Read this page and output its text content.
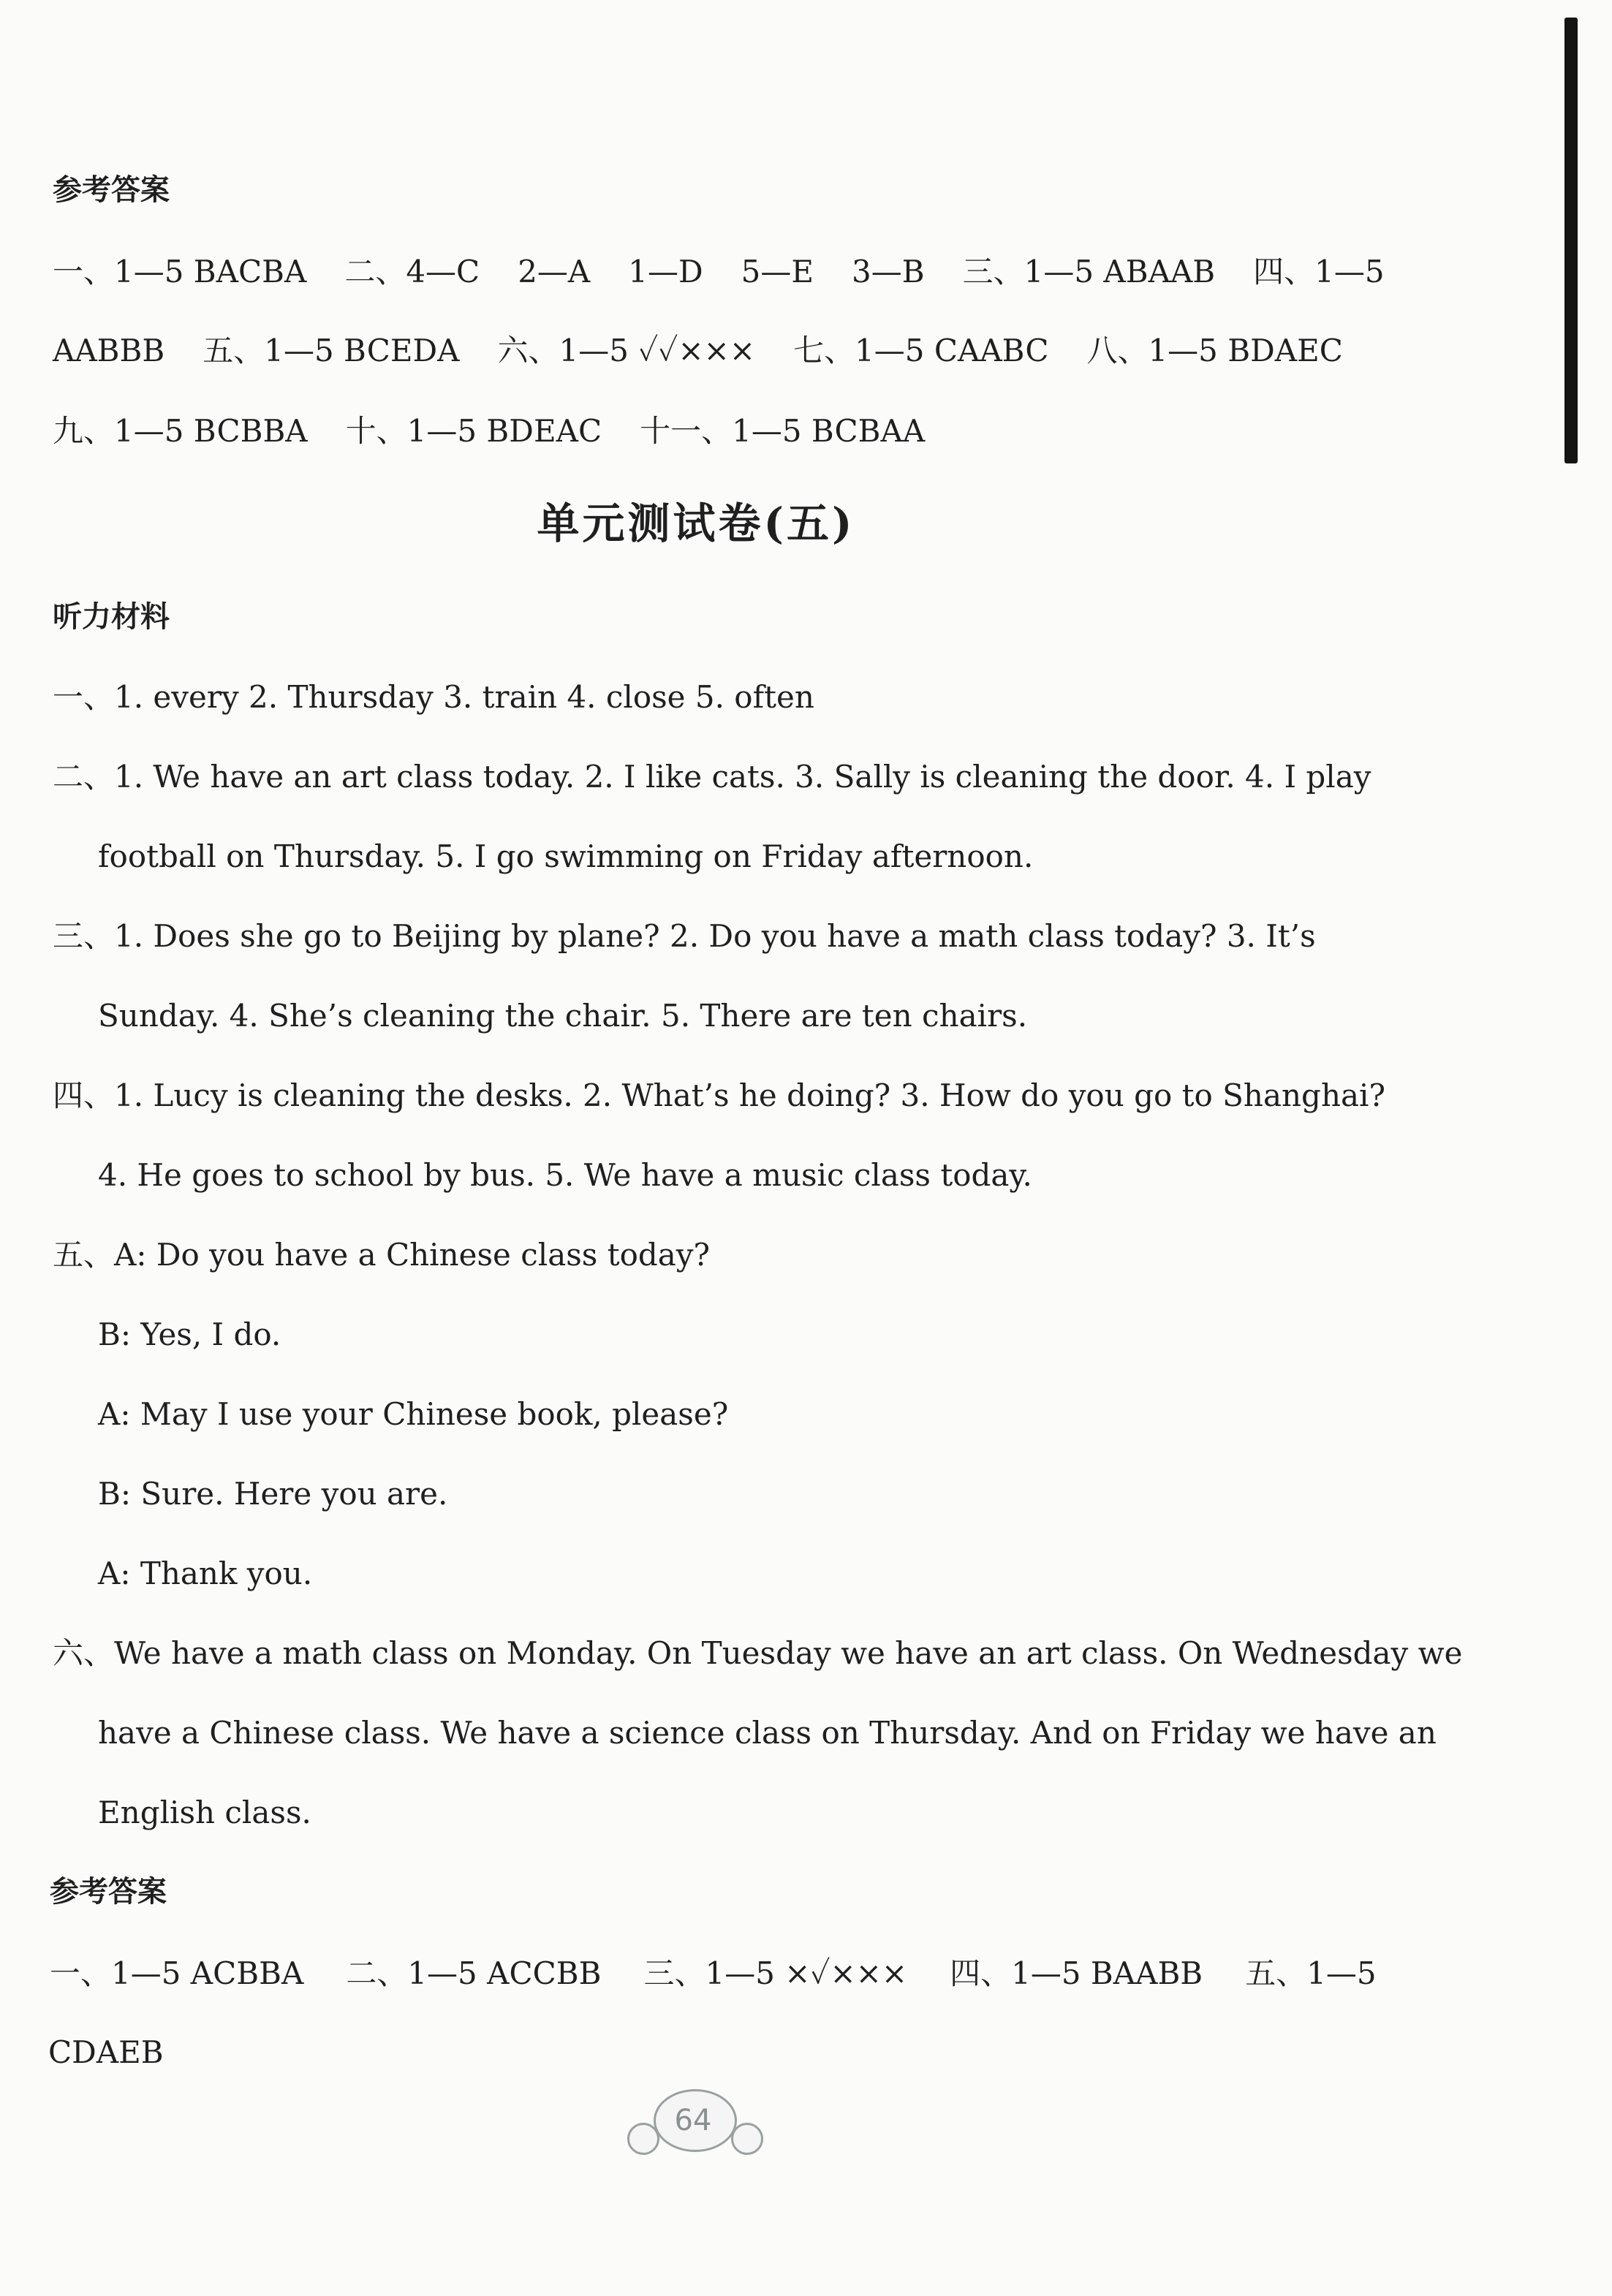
参考答案
一、1—5 BACBA 二、4—C 2—A 1—D 5—E 3—B 三、1—5 ABAAB 四、1—5
AABBB 五、1—5 BCEDA 六、1—5 ✓✓××× 七、1—5 CAABC 八、1—5 BDAEC
九、1—5 BCBBA 十、1—5 BDEAC 十一、1—5 BCBAA
单元测试卷(五)
听力材料
一、1. every 2. Thursday 3. train 4. close 5. often
二、1. We have an art class today. 2. I like cats. 3. Sally is cleaning the door. 4. I play
football on Thursday. 5. I go swimming on Friday afternoon.
三、1. Does she go to Beijing by plane? 2. Do you have a math class today? 3. It’s
Sunday. 4. She’s cleaning the chair. 5. There are ten chairs.
四、1. Lucy is cleaning the desks. 2. What’s he doing? 3. How do you go to Shanghai?
4. He goes to school by bus. 5. We have a music class today.
五、A: Do you have a Chinese class today?
B: Yes, I do.
A: May I use your Chinese book, please?
B: Sure. Here you are.
A: Thank you.
六、We have a math class on Monday. On Tuesday we have an art class. On Wednesday we
have a Chinese class. We have a science class on Thursday. And on Friday we have an
English class.
参考答案
一、1—5 ACBBA 二、1—5 ACCBB 三、1—5 ×✓××× 四、1—5 BAABB 五、1—5
CDAEB
64
